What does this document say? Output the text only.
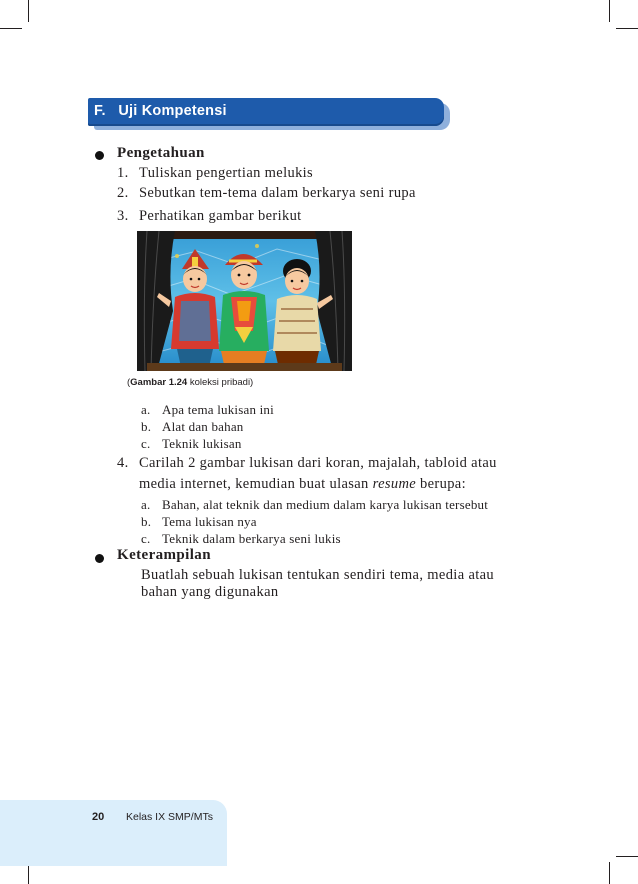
F.   Uji Kompetensi
Pengetahuan
1. Tuliskan pengertian melukis
2. Sebutkan tem-tema dalam berkarya seni rupa
3. Perhatikan gambar berikut
(Gambar 1.24 koleksi pribadi)
a. Apa tema lukisan ini
b. Alat dan bahan
c. Teknik lukisan
4. Carilah 2 gambar lukisan dari koran, majalah, tabloid atau
media internet, kemudian buat ulasan resume berupa:
a. Bahan, alat teknik dan medium dalam karya lukisan tersebut
b. Tema lukisan nya
c. Teknik dalam berkarya seni lukis
Keterampilan
Buatlah sebuah lukisan tentukan sendiri tema, media atau
bahan yang digunakan
20 Kelas IX SMP/MTs
